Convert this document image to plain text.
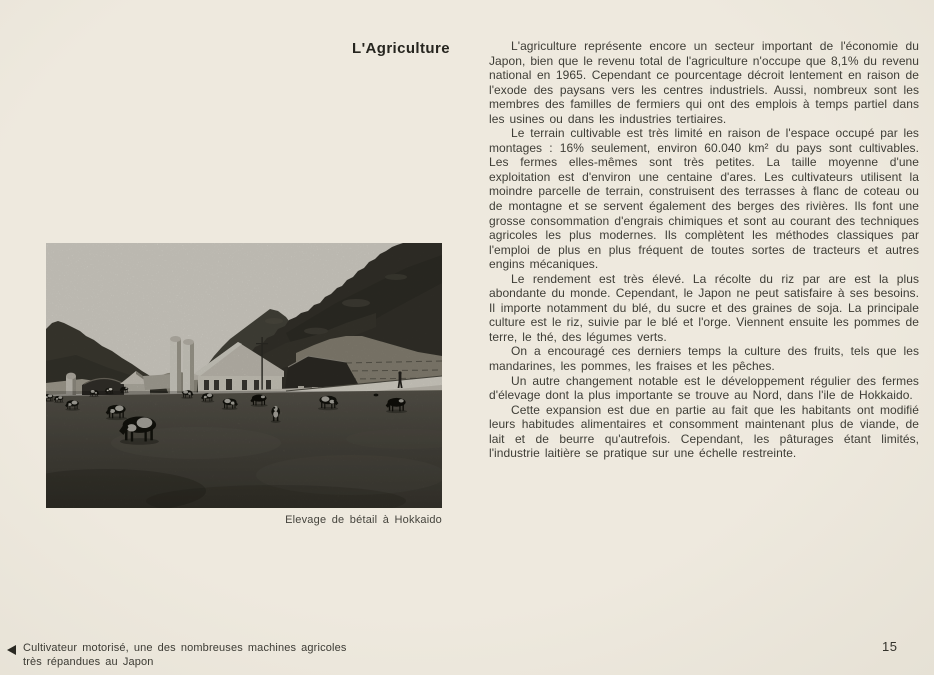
L'Agriculture	L'agriculture représente encore un secteur important de l'économie du Japon, bien que le revenu total de l'agriculture n'occupe que 8,1% du revenu national en 1965. Cependant ce pourcentage décroit lentement en raison de l'exode des paysans vers les centres industriels. Aussi, nombreux sont les membres des familles de fermiers qui ont des emplois à temps partiel dans les usines ou dans les industries tertiaires.

Le terrain cultivable est très limité en raison de l'espace occupé par les montages : 16% seulement, environ 60.040 km² du pays sont cultivables. Les fermes elles-mêmes sont très petites. La taille moyenne d'une exploitation est d'environ une centaine d'ares. Les cultivateurs utilisent la moindre parcelle de terrain, construisent des terrasses à flanc de coteau ou de montagne et se servent également des berges des rivières. Ils font une grosse consommation d'engrais chimiques et sont au courant des techniques agricoles les plus modernes. Ils complètent les méthodes classiques par l'emploi de plus en plus fréquent de toutes sortes de tracteurs et autres engins mécaniques.

Le rendement est très élevé. La récolte du riz par are est la plus abondante du monde. Cependant, le Japon ne peut satisfaire à ses besoins. Il importe notamment du blé, du sucre et des graines de soja. La principale culture est le riz, suivie par le blé et l'orge. Viennent ensuite les pommes de terre, le thé, des légumes verts.

On a encouragé ces derniers temps la culture des fruits, tels que les mandarines, les pommes, les fraises et les pêches.

Un autre changement notable est le développement régulier des fermes d'élevage dont la plus importante se trouve au Nord, dans l'ile de Hokkaido.

Cette expansion est due en partie au fait que les habitants ont modifié leurs habitudes alimentaires et consomment maintenant plus de viande, de lait et de beurre qu'autrefois. Cependant, les pâturages étant limités, l'industrie laitière se pratique sur une échelle restreinte.

Elevage de bétail à Hokkaido
Cultivateur motorisé, une des nombreuses machines agricoles
très répandues au Japon
15
